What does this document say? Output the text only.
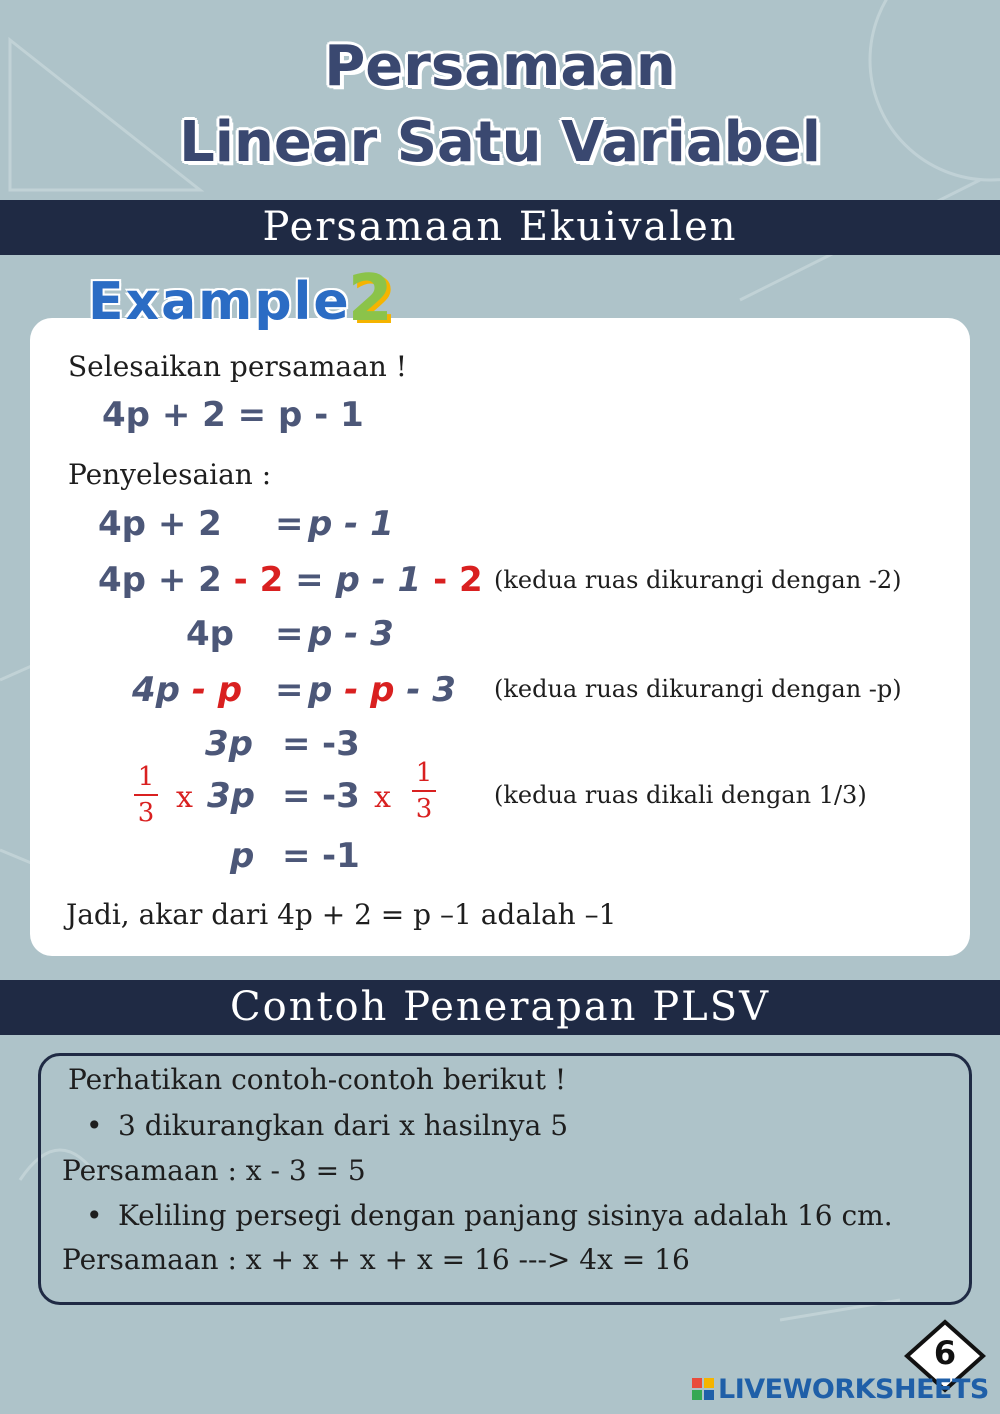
Persamaan
Linear Satu Variabel
Persamaan Ekuivalen
Example
2
Selesaikan persamaan !
4p + 2 = p - 1
Penyelesaian :
4p + 2 = p - 1
4p + 2 - 2 = p - 1 - 2 (kedua ruas dikurangi dengan -2)
4p = p - 3
4p - p = p - p - 3 (kedua ruas dikurangi dengan -p)
3p = -3
1
3 x 3p = -3 x
1
3	(kedua ruas dikali dengan 1/3)
p = -1
Jadi, akar dari 4p + 2 = p –1 adalah –1
Contoh Penerapan PLSV
Perhatikan contoh-contoh berikut !
• 3 dikurangkan dari x hasilnya 5
Persamaan : x - 3 = 5
• Keliling persegi dengan panjang sisinya adalah 16 cm.
Persamaan : x + x + x + x = 16 ---> 4x = 16
6
LIVEWORKSHEETS
